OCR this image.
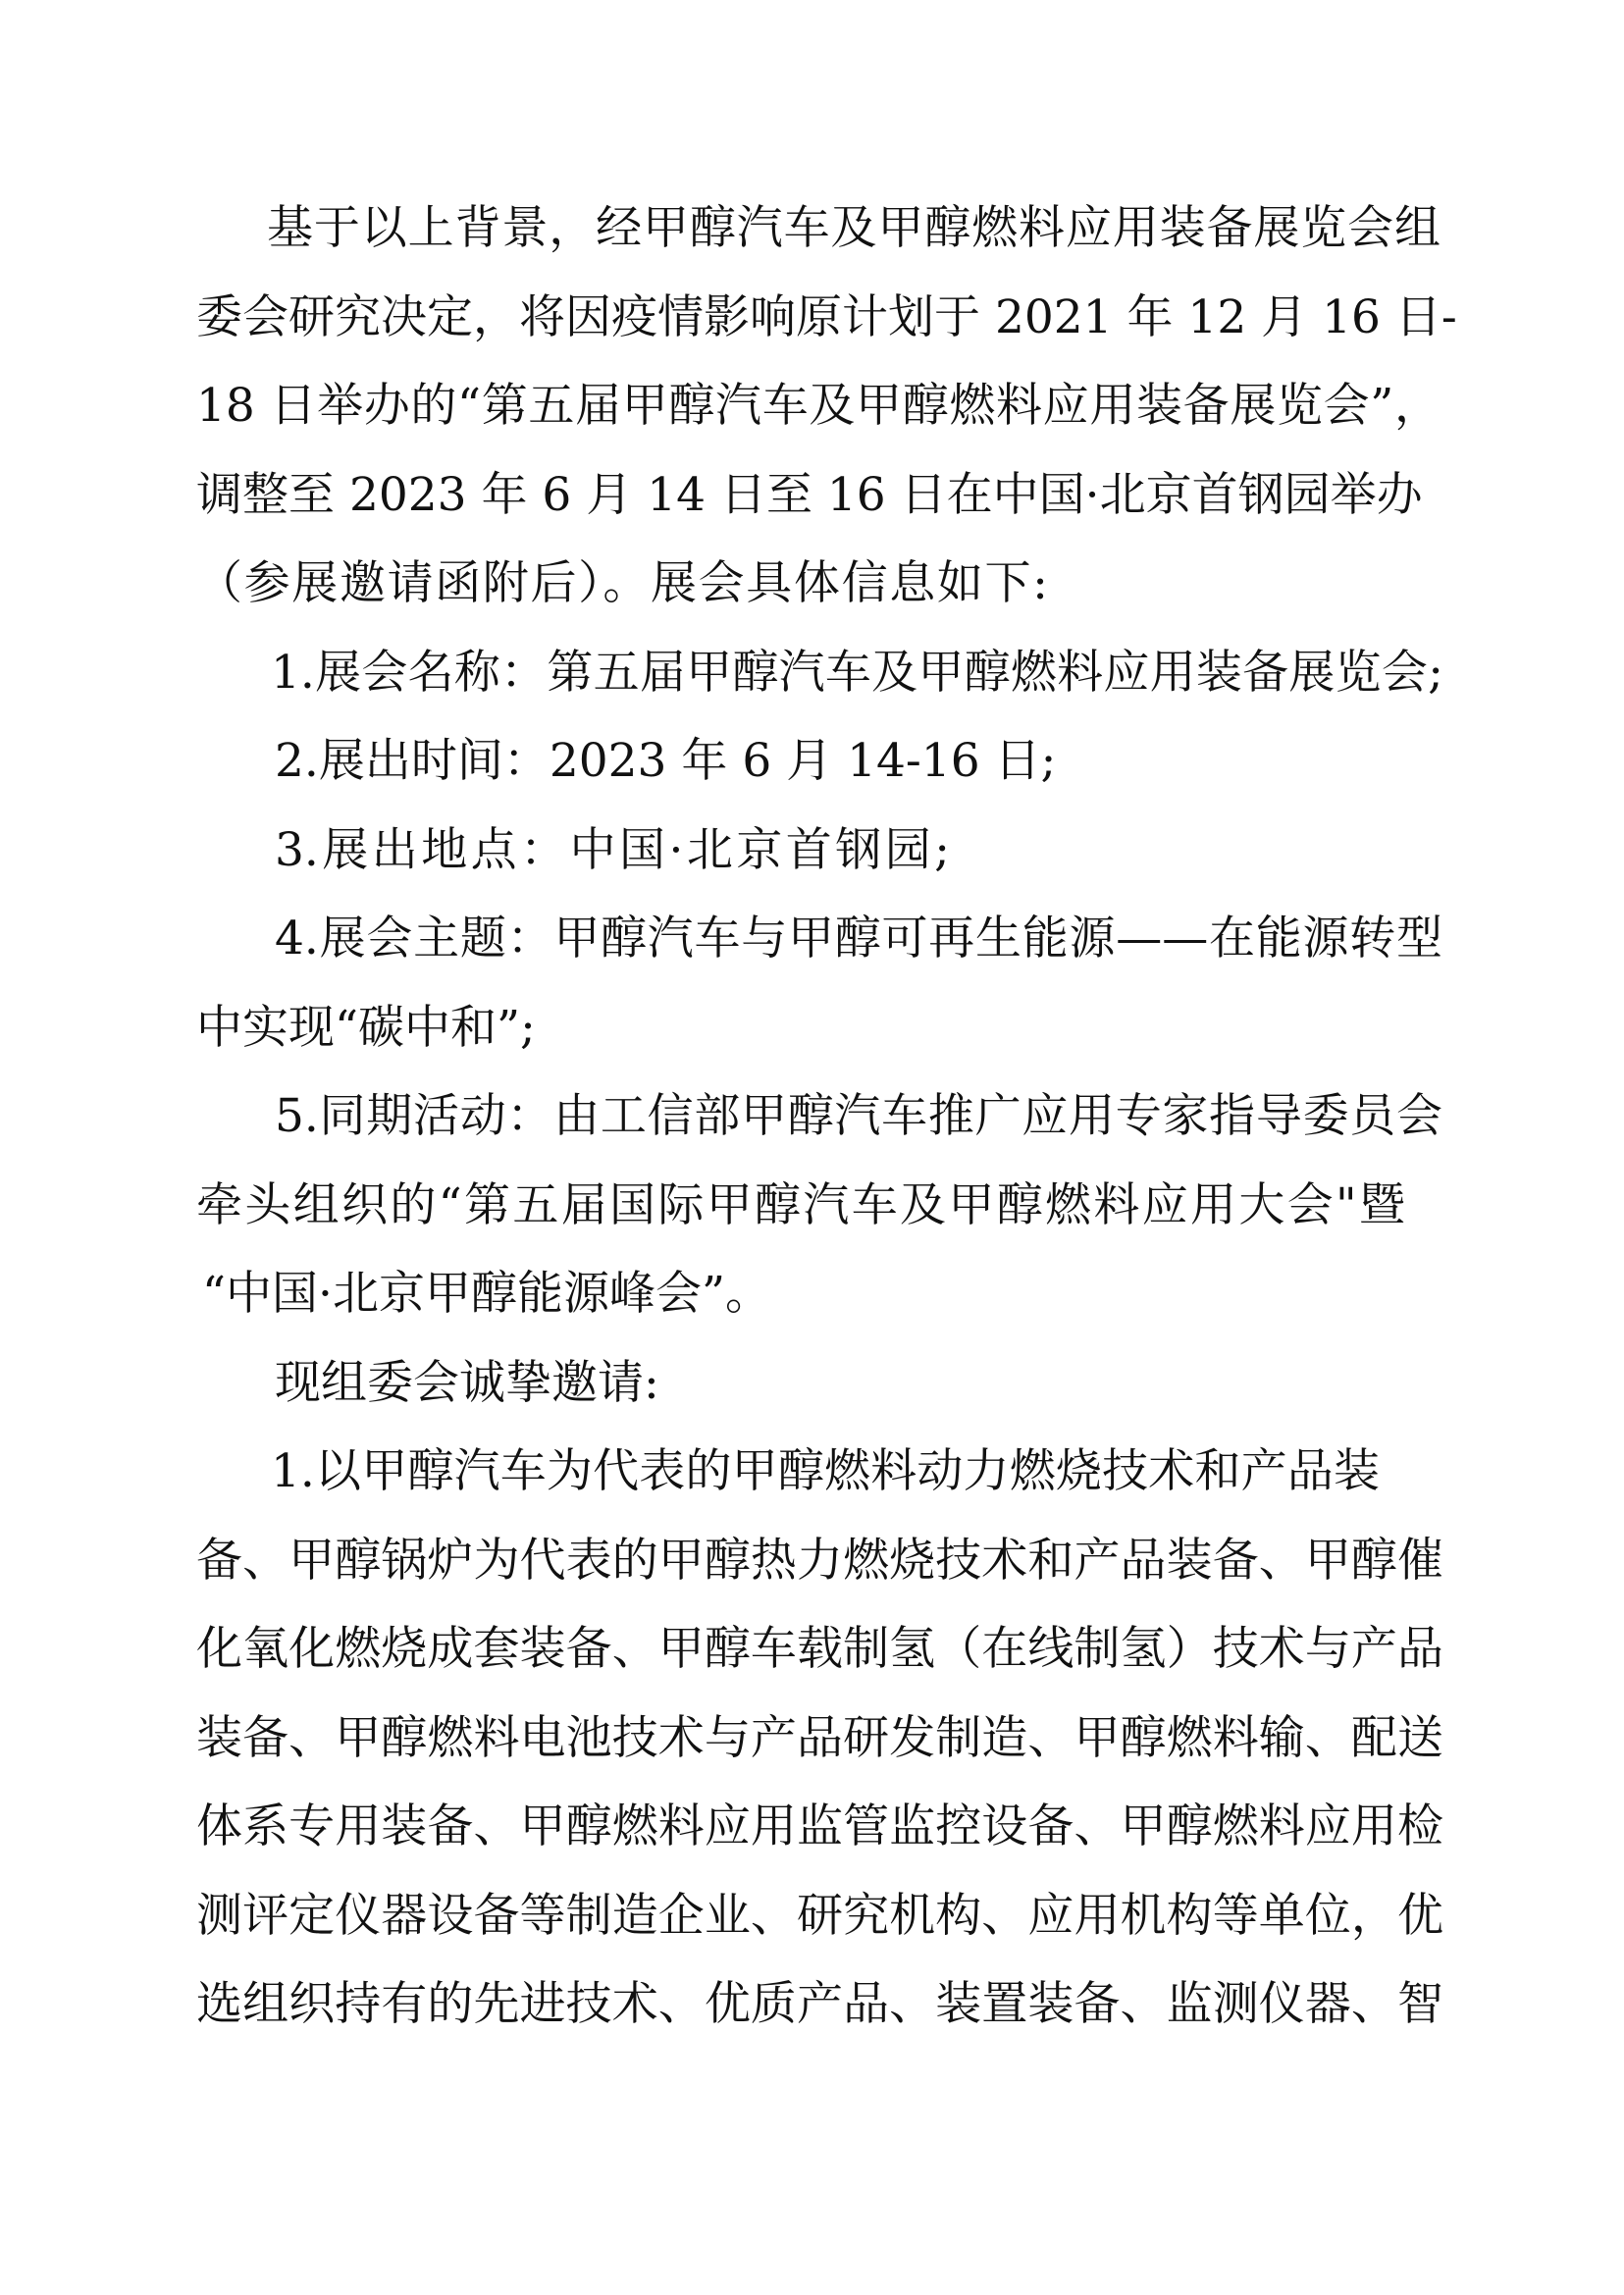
基于以上背景，经甲醇汽车及甲醇燃料应用装备展览会组
委会研究决定，将因疫情影响原计划于 2021 年 12 月 16 日-
18 日举办的“第五届甲醇汽车及甲醇燃料应用装备展览会”，
调整至 2023 年 6 月 14 日至 16 日在中国·北京首钢园举办
（参展邀请函附后）。展会具体信息如下:
1.展会名称：第五届甲醇汽车及甲醇燃料应用装备展览会;
2.展出时间：2023 年 6 月 14-16 日;
3.展出地点：中国·北京首钢园;
4.展会主题：甲醇汽车与甲醇可再生能源——在能源转型
中实现“碳中和”;
5.同期活动：由工信部甲醇汽车推广应用专家指导委员会
牵头组织的“第五届国际甲醇汽车及甲醇燃料应用大会"暨
“中国·北京甲醇能源峰会”。
现组委会诚挚邀请:
1.以甲醇汽车为代表的甲醇燃料动力燃烧技术和产品装
备、甲醇锅炉为代表的甲醇热力燃烧技术和产品装备、甲醇催
化氧化燃烧成套装备、甲醇车载制氢（在线制氢）技术与产品
装备、甲醇燃料电池技术与产品研发制造、甲醇燃料输、配送
体系专用装备、甲醇燃料应用监管监控设备、甲醇燃料应用检
测评定仪器设备等制造企业、研究机构、应用机构等单位，优
选组织持有的先进技术、优质产品、装置装备、监测仪器、智
